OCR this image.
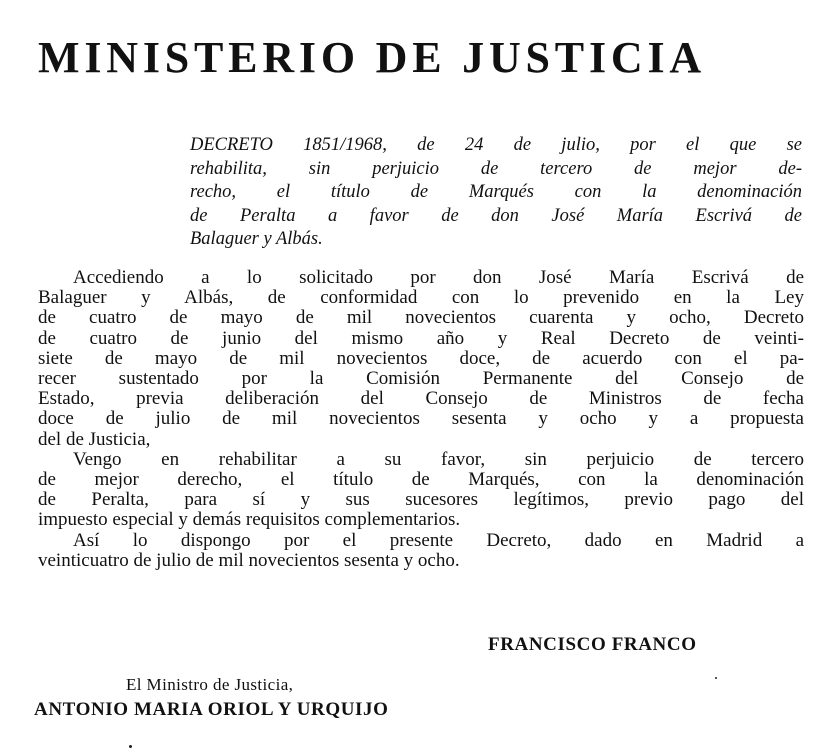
MINISTERIO DE JUSTICIA
DECRETO 1851/1968, de 24 de julio, por el que se
rehabilita, sin perjuicio de tercero de mejor de-
recho, el título de Marqués con la denominación
de Peralta a favor de don José María Escrivá de
Balaguer y Albás.
Accediendo a lo solicitado por don José María Escrivá de
Balaguer y Albás, de conformidad con lo prevenido en la Ley
de cuatro de mayo de mil novecientos cuarenta y ocho, Decreto
de cuatro de junio del mismo año y Real Decreto de veinti-
siete de mayo de mil novecientos doce, de acuerdo con el pa-
recer sustentado por la Comisión Permanente del Consejo de
Estado, previa deliberación del Consejo de Ministros de fecha
doce de julio de mil novecientos sesenta y ocho y a propuesta
del de Justicia,
Vengo en rehabilitar a su favor, sin perjuicio de tercero
de mejor derecho, el título de Marqués, con la denominación
de Peralta, para sí y sus sucesores legítimos, previo pago del
impuesto especial y demás requisitos complementarios.
Así lo dispongo por el presente Decreto, dado en Madrid a
veinticuatro de julio de mil novecientos sesenta y ocho.
FRANCISCO FRANCO
El Ministro de Justicia,
ANTONIO MARIA ORIOL Y URQUIJO
